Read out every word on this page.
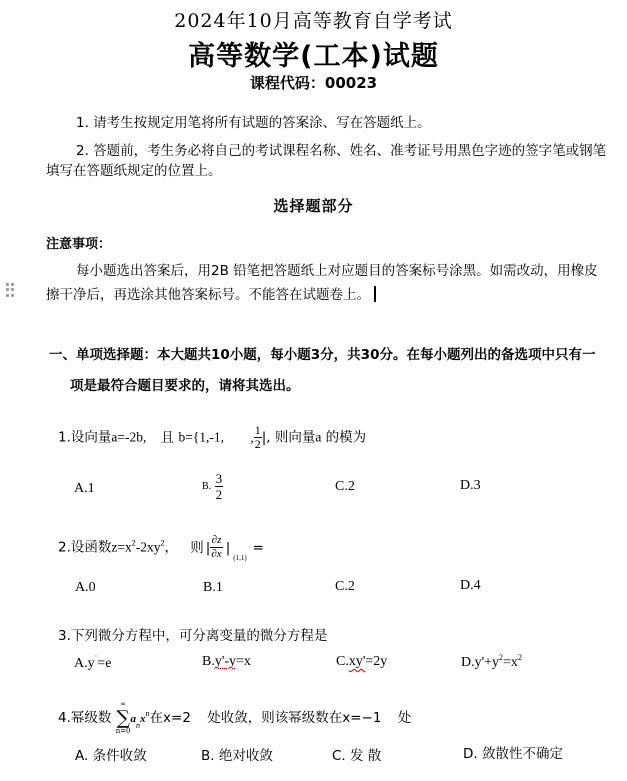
2024年10月高等教育自学考试
高等数学(工本)试题
课程代码：00023
1. 请考生按规定用笔将所有试题的答案涂、写在答题纸上。
2. 答题前，考生务必将自己的考试课程名称、姓名、准考证号用黑色字迹的签字笔或钢笔
填写在答题纸规定的位置上。
选择题部分
注意事项：
每小题选出答案后，用2B 铅笔把答题纸上对应题目的答案标号涂黑。如需改动，用橡皮
擦干净后，再选涂其他答案标号。不能答在试题卷上。
一、单项选择题：本大题共10小题，每小题3分，共30分。在每小题列出的备选项中只有一
项是最符合题目要求的，请将其选出。
1.设向量a=-2b, 且 b={1,-1, , $\frac{1}{2}$ |, 则向量a 的模为
A.1	B. $\frac{3}{2}$	C.2	D.3
2.设函数$z=x^2-2xy^2$， 则 | $\frac{\partial z}{\partial x} |_{(1,1)}=$
A.0	B.1	C.2	D.4
3.下列微分方程中，可分离变量的微分方程是
$A.y^ˈ=e$	B.y'-y=x	C.xy'=2y	$D.y'+y^2=x^2$
4.幂级数
∞
∑
n=0
$a_nx^n$在x=2 处收敛，则该幂级数在x=−1 处
A. 条件收敛	B. 绝对收敛	C. 发 散	D. 敛散性不确定
